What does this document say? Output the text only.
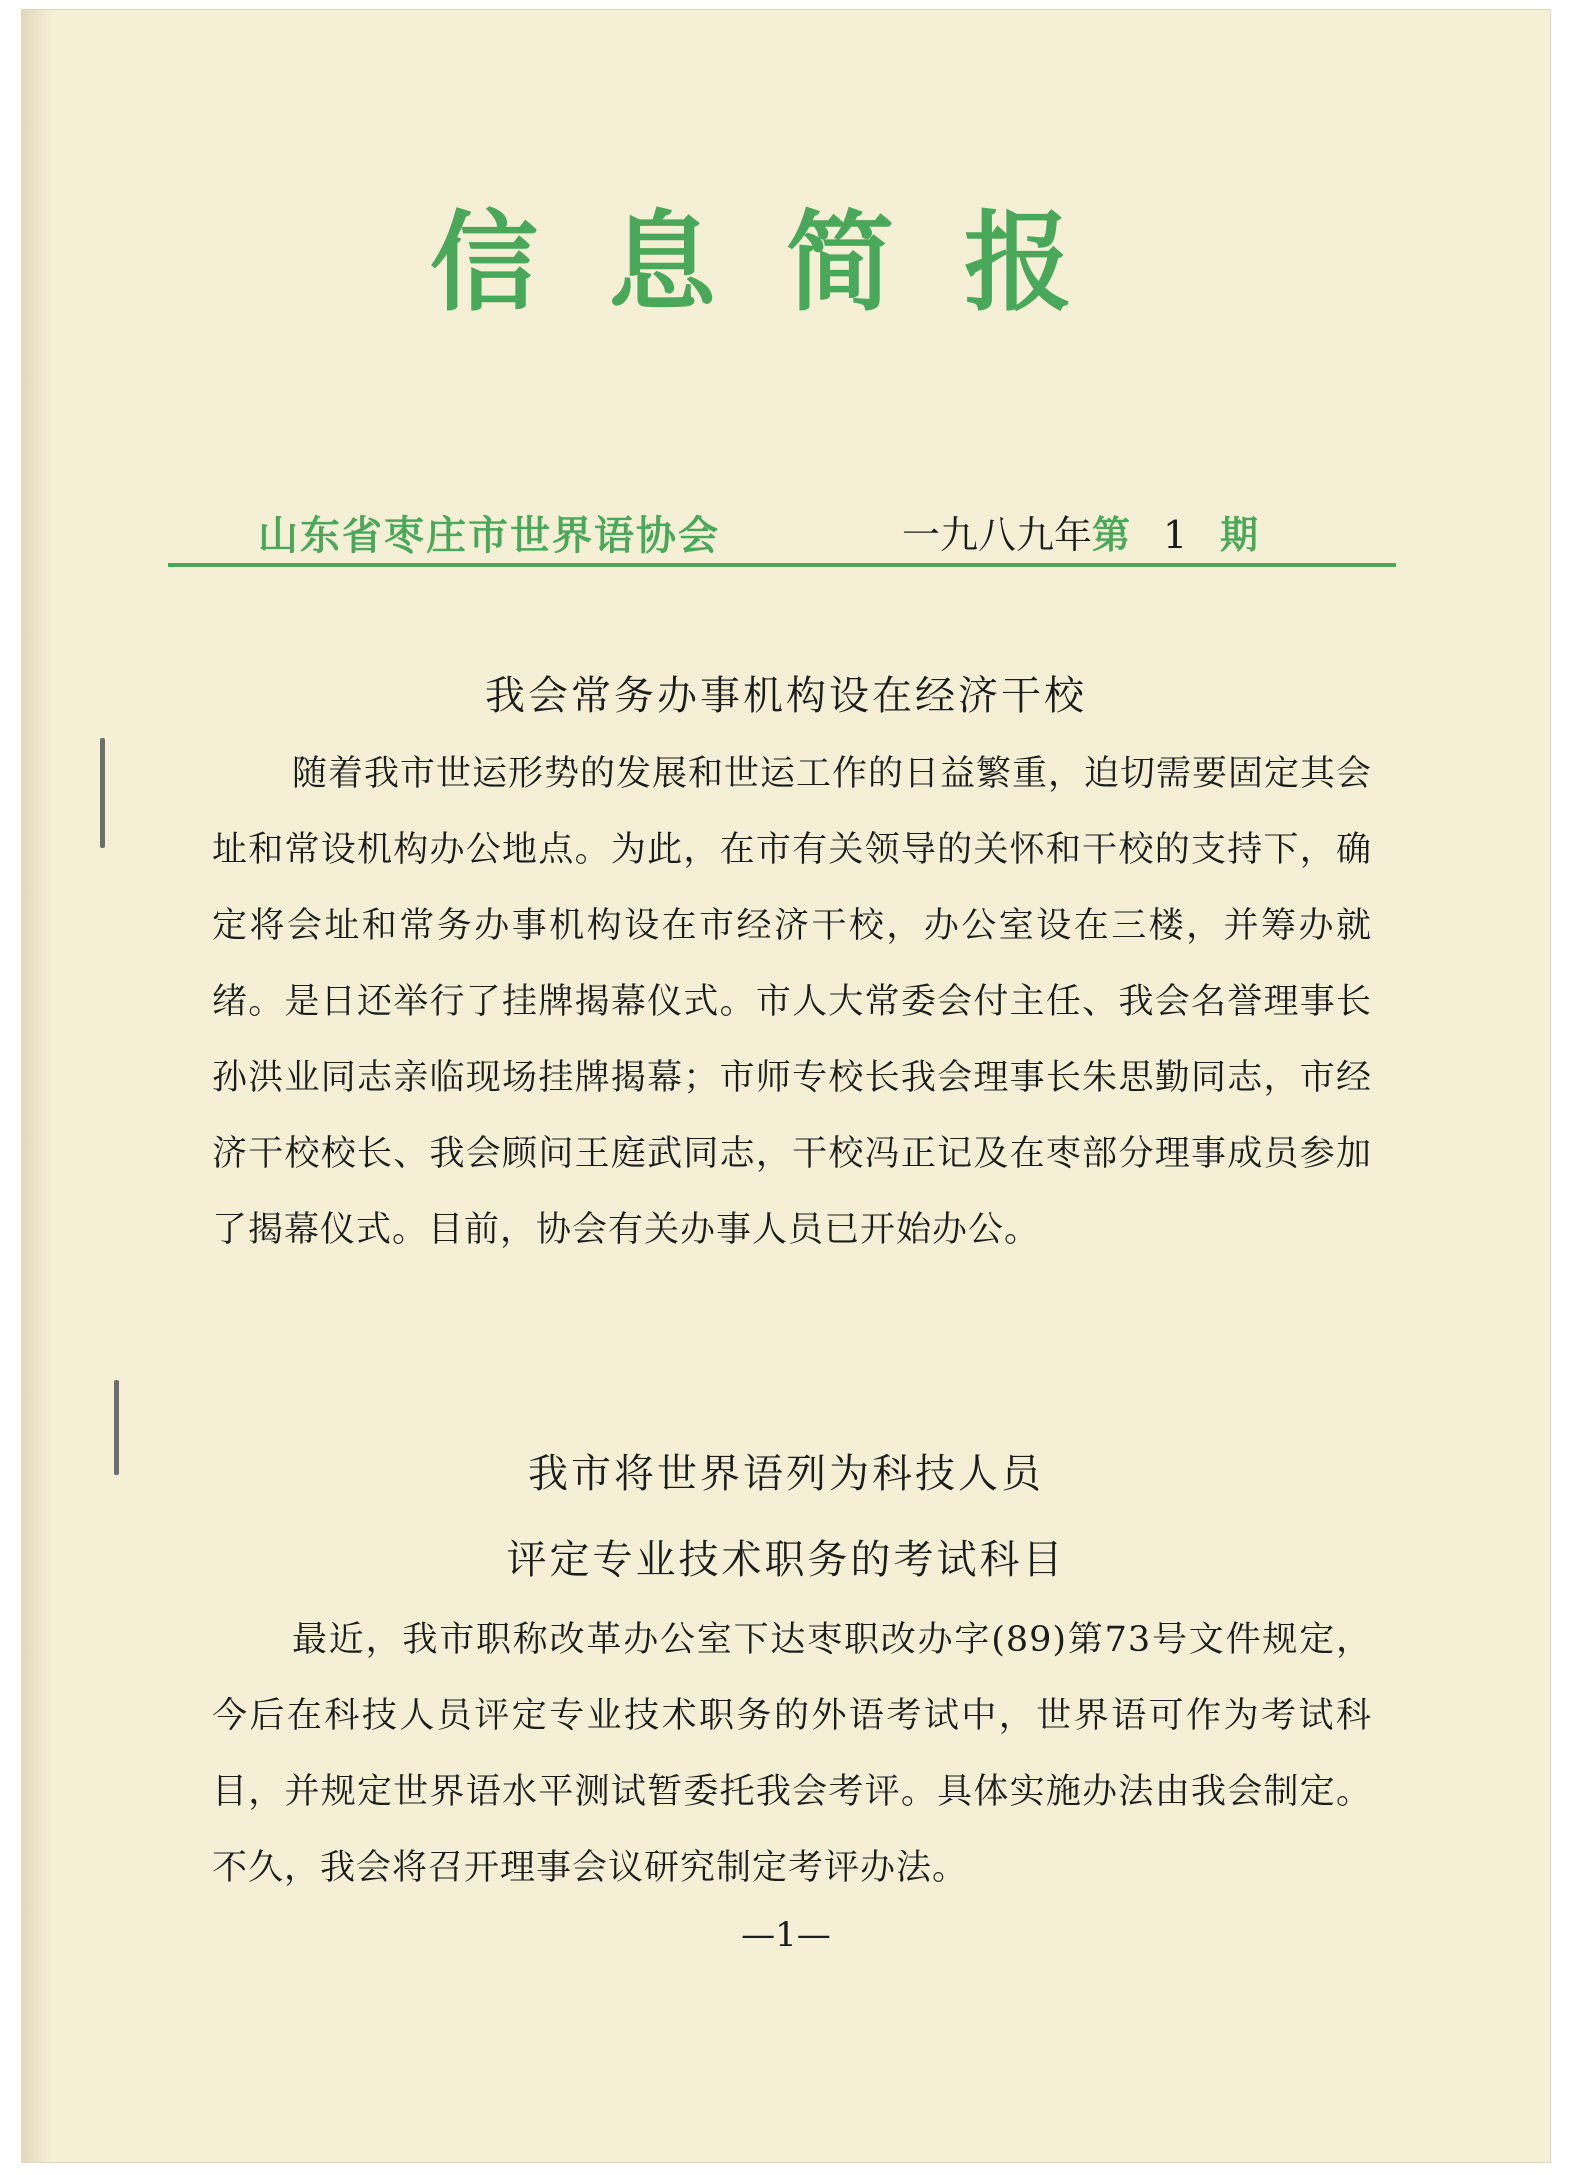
信息简报
山东省枣庄市世界语协会	一九八九年第 1 期
我会常务办事机构设在经济干校
随着我市世运形势的发展和世运工作的日益繁重，迫切需要固定其会址和常设机构办公地点。为此，在市有关领导的关怀和干校的支持下，确定将会址和常务办事机构设在市经济干校，办公室设在三楼，并筹办就绪。是日还举行了挂牌揭幕仪式。市人大常委会付主任、我会名誉理事长孙洪业同志亲临现场挂牌揭幕；市师专校长我会理事长朱思勤同志，市经济干校校长、我会顾问王庭武同志，干校冯正记及在枣部分理事成员参加了揭幕仪式。目前，协会有关办事人员已开始办公。
我市将世界语列为科技人员
评定专业技术职务的考试科目
最近，我市职称改革办公室下达枣职改办字(89)第73号文件规定，今后在科技人员评定专业技术职务的外语考试中，世界语可作为考试科目，并规定世界语水平测试暂委托我会考评。具体实施办法由我会制定。不久，我会将召开理事会议研究制定考评办法。
—1—
